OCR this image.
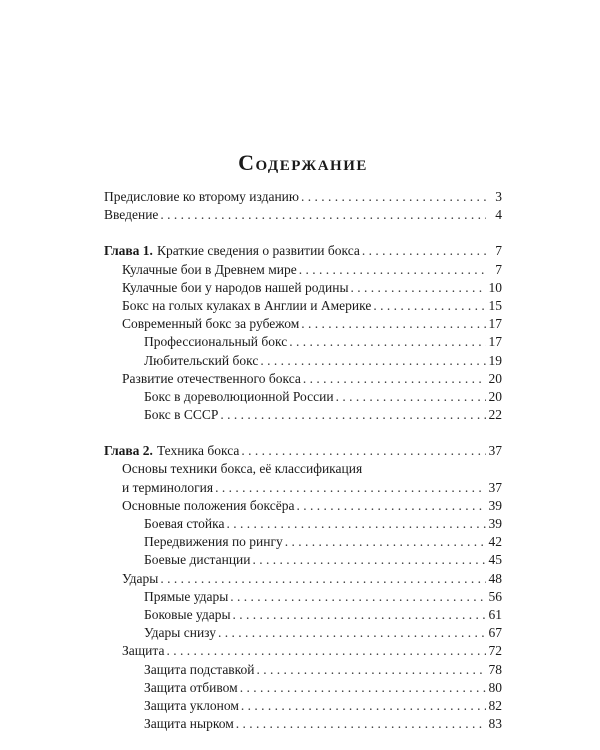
Содержание
Предисловие ко второму изданию . . .	3
Введение . . .	4
Глава 1. Краткие сведения о развитии бокса . . .	7
Кулачные бои в Древнем мире . . .	7
Кулачные бои у народов нашей родины . . .	10
Бокс на голых кулаках в Англии и Америке . . .	15
Современный бокс за рубежом . . .	17
Профессиональный бокс . . .	17
Любительский бокс . . .	19
Развитие отечественного бокса . . .	20
Бокс в дореволюционной России . . .	20
Бокс в СССР . . .	22
Глава 2. Техника бокса . . .	37
Основы техники бокса, её классификация
и терминология . . .	37
Основные положения боксёра . . .	39
Боевая стойка . . .	39
Передвижения по рингу . . .	42
Боевые дистанции . . .	45
Удары . . .	48
Прямые удары . . .	56
Боковые удары . . .	61
Удары снизу . . .	67
Защита . . .	72
Защита подставкой . . .	78
Защита отбивом . . .	80
Защита уклоном . . .	82
Защита нырком . . .	83
